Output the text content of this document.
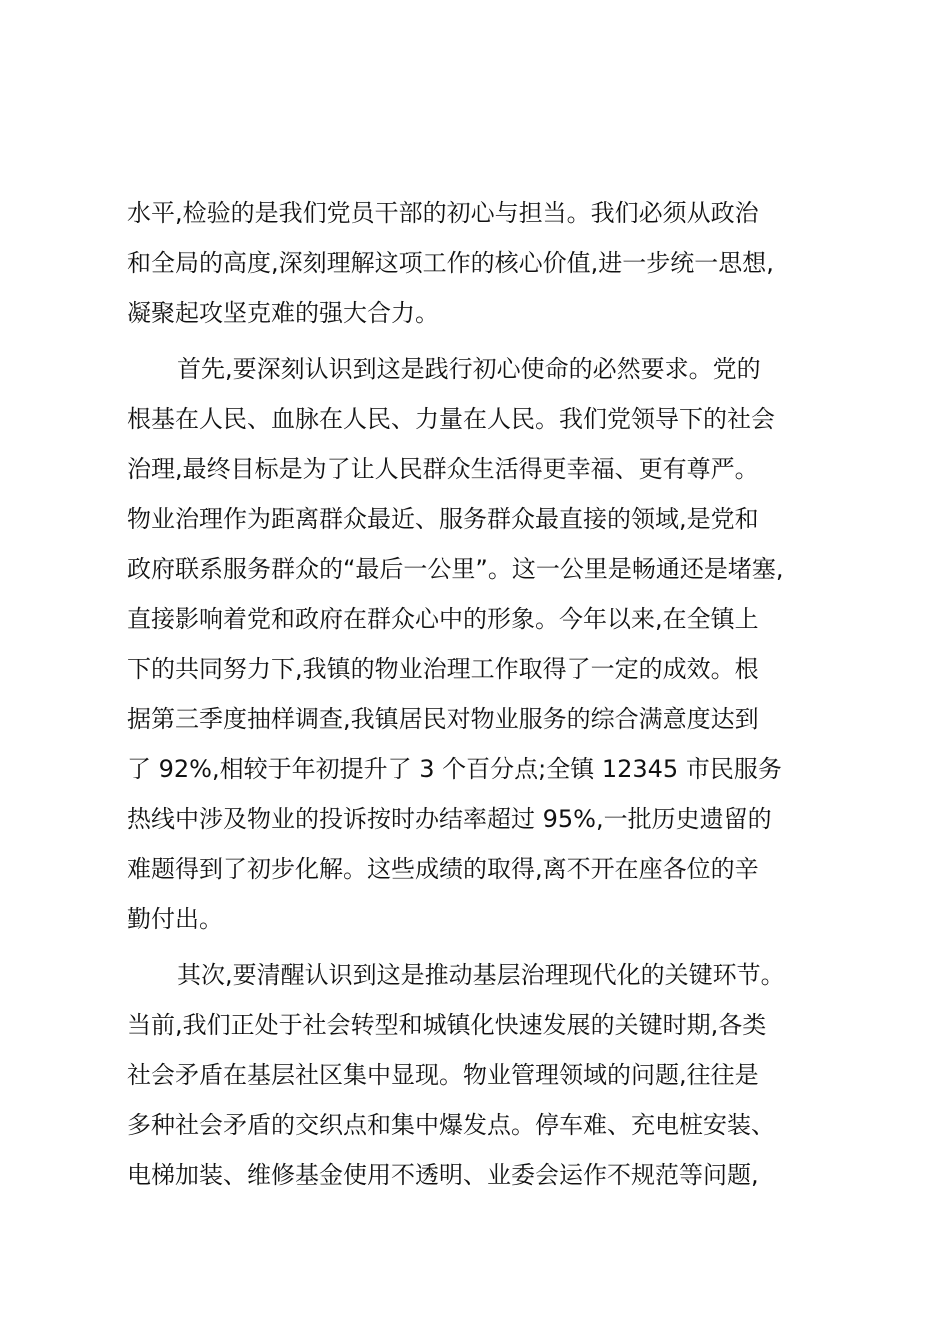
水平,检验的是我们党员干部的初心与担当。我们必须从政治
和全局的高度,深刻理解这项工作的核心价值,进一步统一思想,
凝聚起攻坚克难的强大合力。
首先,要深刻认识到这是践行初心使命的必然要求。党的
根基在人民、血脉在人民、力量在人民。我们党领导下的社会
治理,最终目标是为了让人民群众生活得更幸福、更有尊严。
物业治理作为距离群众最近、服务群众最直接的领域,是党和
政府联系服务群众的“最后一公里”。这一公里是畅通还是堵塞,
直接影响着党和政府在群众心中的形象。今年以来,在全镇上
下的共同努力下,我镇的物业治理工作取得了一定的成效。根
据第三季度抽样调查,我镇居民对物业服务的综合满意度达到
了 92%,相较于年初提升了 3 个百分点;全镇 12345 市民服务
热线中涉及物业的投诉按时办结率超过 95%,一批历史遗留的
难题得到了初步化解。这些成绩的取得,离不开在座各位的辛
勤付出。
其次,要清醒认识到这是推动基层治理现代化的关键环节。
当前,我们正处于社会转型和城镇化快速发展的关键时期,各类
社会矛盾在基层社区集中显现。物业管理领域的问题,往往是
多种社会矛盾的交织点和集中爆发点。停车难、充电桩安装、
电梯加装、维修基金使用不透明、业委会运作不规范等问题,
